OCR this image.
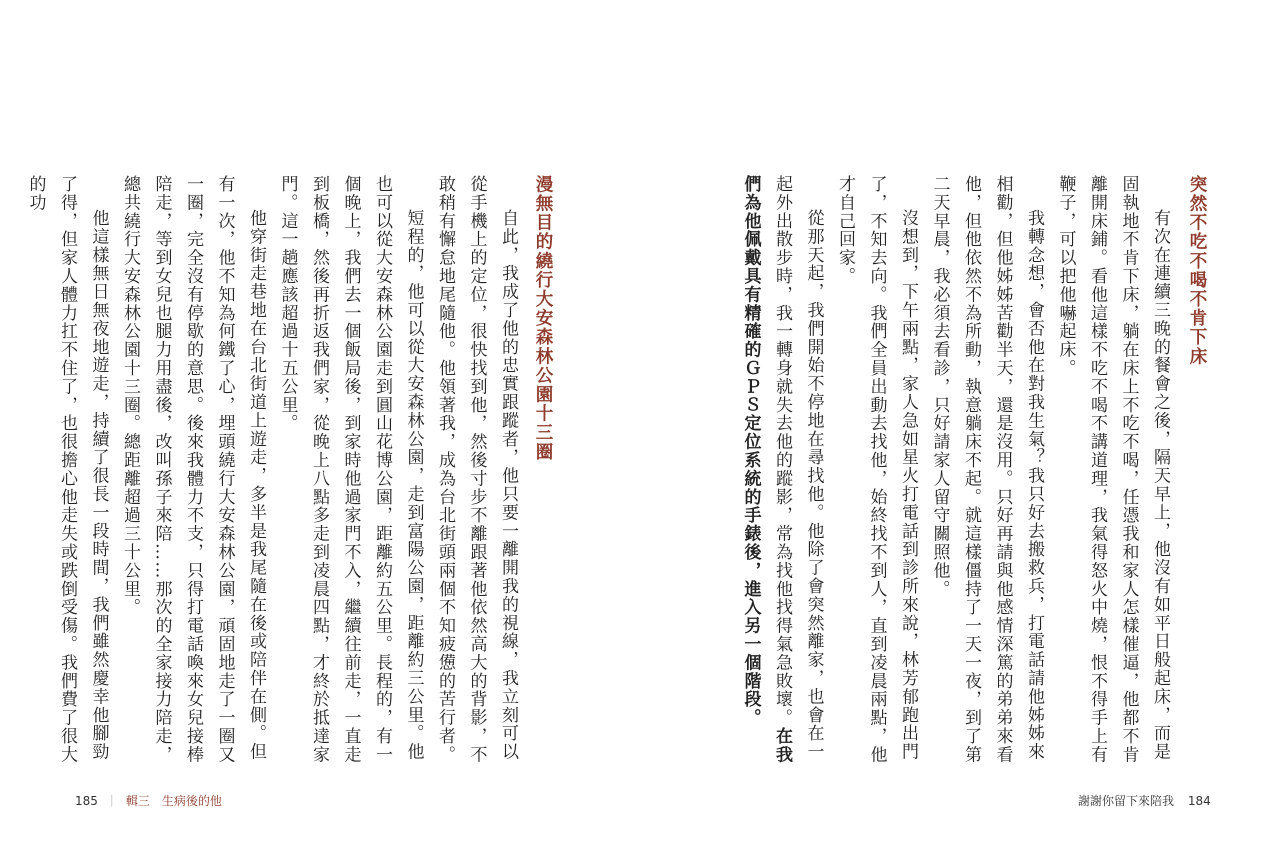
突然不吃不喝不肯下床

有次在連續三晚的餐會之後，隔天早上，他沒有如平日般起床，而是固執地不肯下床，躺在床上不吃不喝，任憑我和家人怎樣催逼，他都不肯離開床鋪。看他這樣不吃不喝不講道理，我氣得怒火中燒，恨不得手上有鞭子，可以把他嚇起床。

我轉念想，會否他在對我生氣？我只好去搬救兵，打電話請他姊姊來相勸，但他姊姊苦勸半天，還是沒用。只好再請與他感情深篤的弟弟來看他，但他依然不為所動，執意躺床不起。就這樣僵持了一天一夜，到了第二天早晨，我必須去看診，只好請家人留守關照他。

沒想到，下午兩點，家人急如星火打電話到診所來說，林芳郁跑出門了，不知去向。我們全員出動去找他，始終找不到人，直到凌晨兩點，他才自己回家。

從那天起，我們開始不停地在尋找他。他除了會突然離家，也會在一起外出散步時，我一轉身就失去他的蹤影，常為找他找得氣急敗壞。在我們為他佩戴具有精確的ＧＰＳ定位系統的手錶後，進入另一個階段。

謝謝你留下來陪我 184
漫無目的繞行大安森林公園十三圈

自此，我成了他的忠實跟蹤者，他只要一離開我的視線，我立刻可以從手機上的定位，很快找到他，然後寸步不離跟著他依然高大的背影，不敢稍有懈怠地尾隨他。他領著我，成為台北街頭兩個不知疲憊的苦行者。

短程的，他可以從大安森林公園，走到富陽公園，距離約三公里。他也可以從大安森林公園走到圓山花博公園，距離約五公里。長程的，有一個晚上，我們去一個飯局後，到家時他過家門不入，繼續往前走，一直走到板橋，然後再折返我們家，從晚上八點多走到凌晨四點，才終於抵達家門。這一趟應該超過十五公里。

他穿街走巷地在台北街道上遊走，多半是我尾隨在後或陪伴在側。但有一次，他不知為何鐵了心，埋頭繞行大安森林公園，頑固地走了一圈又一圈，完全沒有停歇的意思。後來我體力不支，只得打電話喚來女兒接棒陪走，等到女兒也腿力用盡後，改叫孫子來陪……那次的全家接力陪走，總共繞行大安森林公園十三圈。總距離超過三十公里。

他這樣無日無夜地遊走，持續了很長一段時間，我們雖然慶幸他腳勁了得，但家人體力扛不住了，也很擔心他走失或跌倒受傷。我們費了很大的功

185 ｜ 輯三　生病後的他
